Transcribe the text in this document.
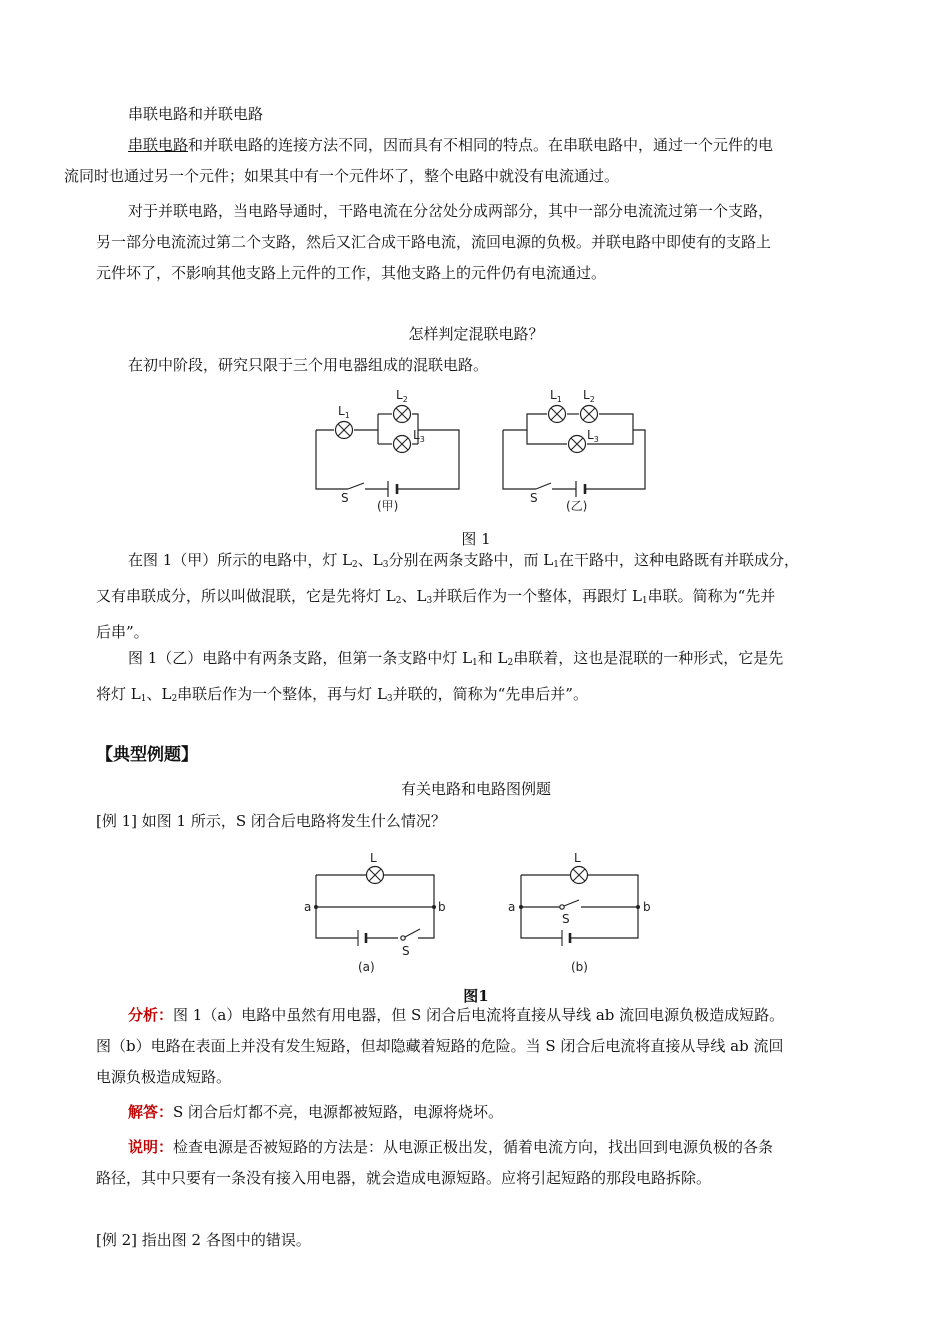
串联电路和并联电路
串联电路和并联电路的连接方法不同，因而具有不相同的特点。在串联电路中，通过一个元件的电
流同时也通过另一个元件；如果其中有一个元件坏了，整个电路中就没有电流通过。
对于并联电路，当电路导通时，干路电流在分岔处分成两部分，其中一部分电流流过第一个支路，
另一部分电流流过第二个支路，然后又汇合成干路电流，流回电源的负极。并联电路中即使有的支路上
元件坏了，不影响其他支路上元件的工作，其他支路上的元件仍有电流通过。
怎样判定混联电路？
在初中阶段，研究只限于三个用电器组成的混联电路。
$L_1$
$L_2$
$L_3$
S
(甲)
$L_1$ $L_2$
$L_3$
S
(乙)
图 1
在图 1（甲）所示的电路中，灯 $L_2$、$L_3$分别在两条支路中，而 $L_1$在干路中，这种电路既有并联成分，
又有串联成分，所以叫做混联，它是先将灯 $L_2$、$L_3$并联后作为一个整体，再跟灯 $L_1$串联。简称为“先并
后串”。
图 1（乙）电路中有两条支路，但第一条支路中灯 $L_1$和 $L_2$串联着，这也是混联的一种形式，它是先
将灯 $L_1$、$L_2$串联后作为一个整体，再与灯 $L_3$并联的，简称为“先串后并”。
【典型例题】
有关电路和电路图例题
[例 1] 如图 1 所示，S 闭合后电路将发生什么情况？
L
a	b
S
(a)
L
a	b
S
(b)
图1
分析：图 1（a）电路中虽然有用电器，但 S 闭合后电流将直接从导线 ab 流回电源负极造成短路。
图（b）电路在表面上并没有发生短路，但却隐藏着短路的危险。当 S 闭合后电流将直接从导线 ab 流回
电源负极造成短路。
解答：S 闭合后灯都不亮，电源都被短路，电源将烧坏。
说明：检查电源是否被短路的方法是：从电源正极出发，循着电流方向，找出回到电源负极的各条
路径，其中只要有一条没有接入用电器，就会造成电源短路。应将引起短路的那段电路拆除。
[例 2] 指出图 2 各图中的错误。
